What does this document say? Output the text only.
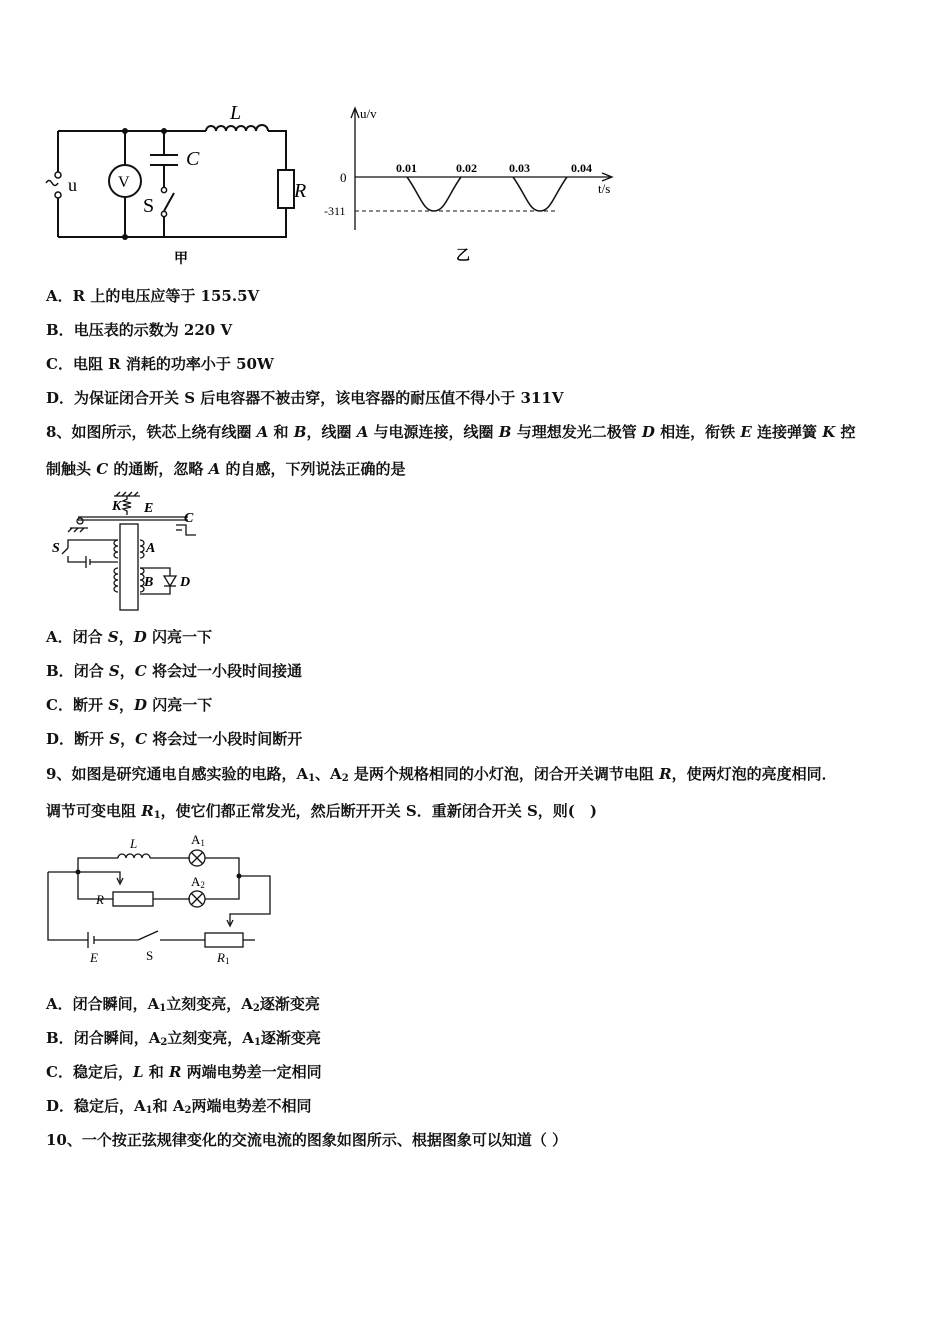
u	V
L
C
S
R
甲
u/v
t/s
0
-311
0.01	0.02	0.03	0.04
乙
A．R 上的电压应等于 155.5V
B．电压表的示数为 220 V
C．电阻 R 消耗的功率小于 50W
D．为保证闭合开关 S 后电容器不被击穿，该电容器的耐压值不得小于 311V
8、如图所示，铁芯上绕有线圈 A 和 B，线圈 A 与电源连接，线圈 B 与理想发光二极管 D 相连，衔铁 E 连接弹簧 K 控
制触头 C 的通断，忽略 A 的自感，下列说法正确的是
K E
C
S	A
B D
A．闭合 S，D 闪亮一下
B．闭合 S，C 将会过一小段时间接通
C．断开 S，D 闪亮一下
D．断开 S，C 将会过一小段时间断开
9、如图是研究通电自感实验的电路，$A_1$、$A_2$ 是两个规格相同的小灯泡，闭合开关调节电阻 R，使两灯泡的亮度相同．
调节可变电阻 $R_1$，使它们都正常发光，然后断开开关 S．重新闭合开关 S，则(　)
L	A1
A2
R
E	S	R1
A．闭合瞬间，$A_1$立刻变亮，$A_2$逐渐变亮
B．闭合瞬间，$A_2$立刻变亮，$A_1$逐渐变亮
C．稳定后，L 和 R 两端电势差一定相同
D．稳定后，$A_1$和 $A_2$两端电势差不相同
10、一个按正弦规律变化的交流电流的图象如图所示、根据图象可以知道（ ）
